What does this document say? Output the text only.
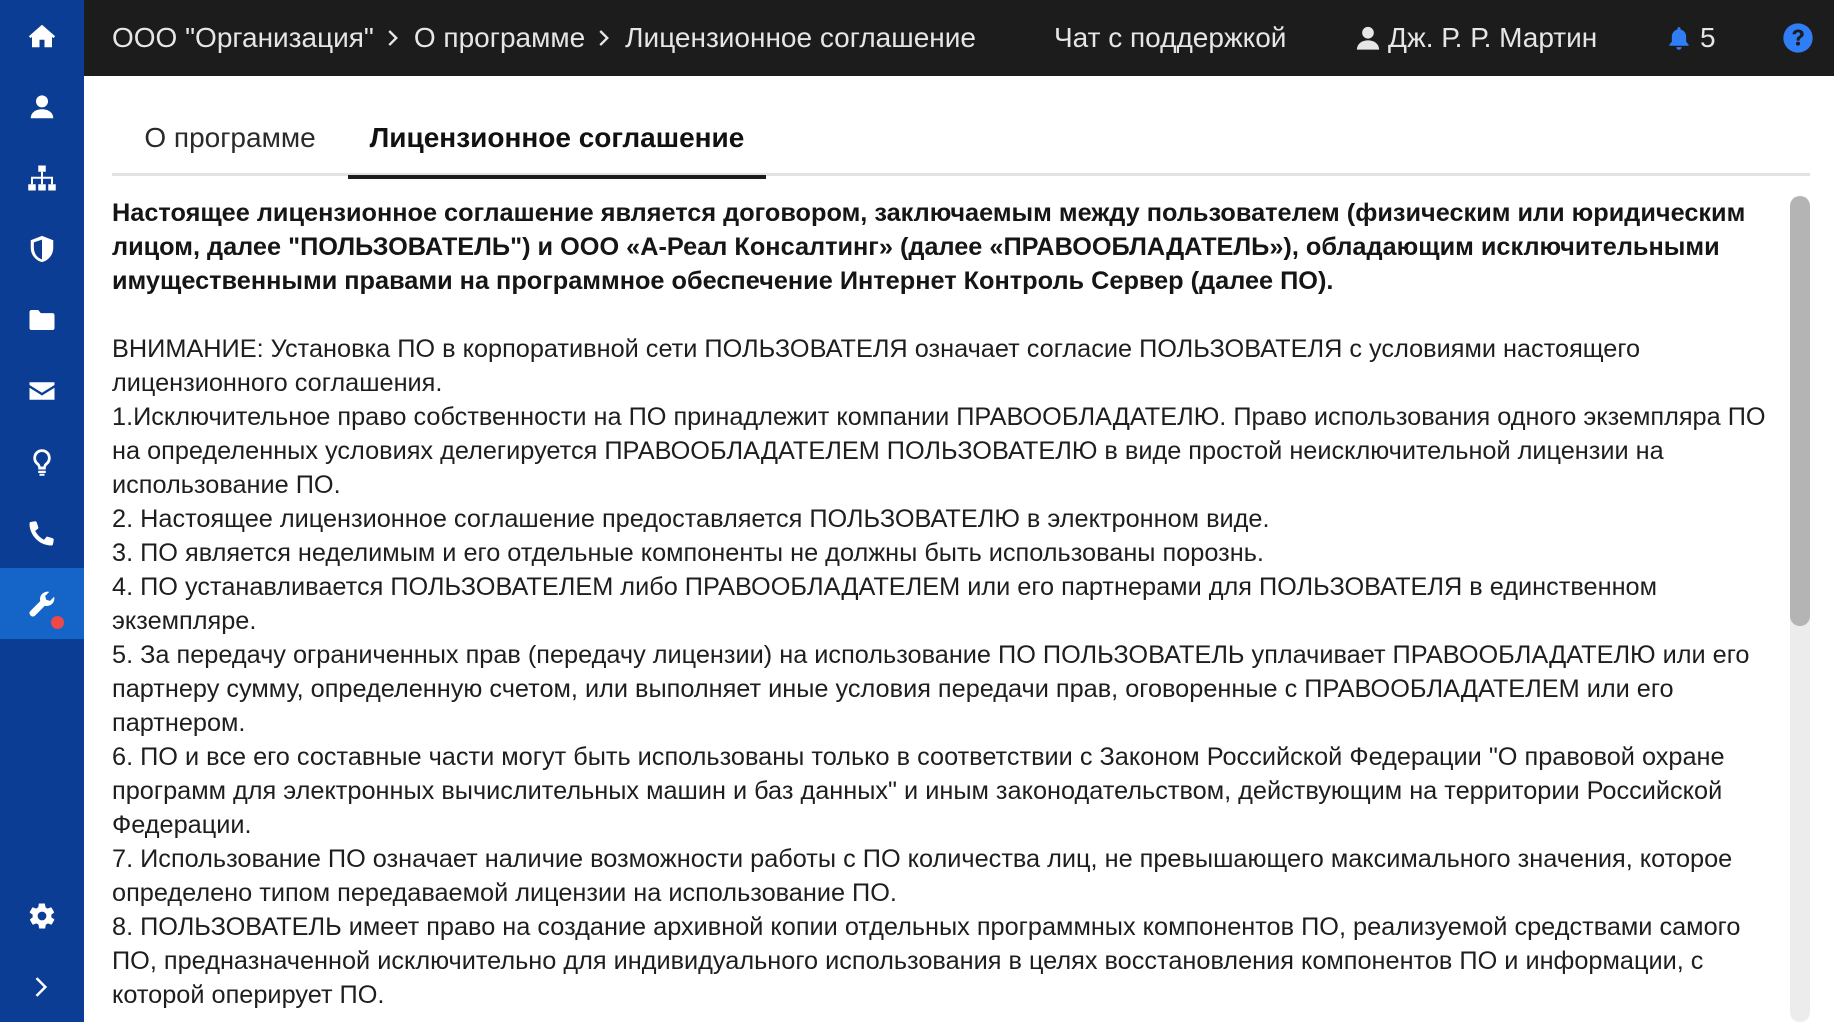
ООО "Организация" О программе Лицензионное соглашение	Чат с поддержкой	Дж. Р. Р. Мартин	5
О программе	Лицензионное соглашение

Настоящее лицензионное соглашение является договором, заключаемым между пользователем (физическим или юридическим лицом, далее "ПОЛЬЗОВАТЕЛЬ") и ООО «А-Реал Консалтинг» (далее «ПРАВООБЛАДАТЕЛЬ»), обладающим исключительными имущественными правами на программное обеспечение Интернет Контроль Сервер (далее ПО).

ВНИМАНИЕ: Установка ПО в корпоративной сети ПОЛЬЗОВАТЕЛЯ означает согласие ПОЛЬЗОВАТЕЛЯ с условиями настоящего лицензионного соглашения.

1.Исключительное право собственности на ПО принадлежит компании ПРАВООБЛАДАТЕЛЮ. Право использования одного экземпляра ПО на определенных условиях делегируется ПРАВООБЛАДАТЕЛЕМ ПОЛЬЗОВАТЕЛЮ в виде простой неисключительной лицензии на использование ПО.

2. Настоящее лицензионное соглашение предоставляется ПОЛЬЗОВАТЕЛЮ в электронном виде.

3. ПО является неделимым и его отдельные компоненты не должны быть использованы порознь.

4. ПО устанавливается ПОЛЬЗОВАТЕЛЕМ либо ПРАВООБЛАДАТЕЛЕМ или его партнерами для ПОЛЬЗОВАТЕЛЯ в единственном экземпляре.

5. За передачу ограниченных прав (передачу лицензии) на использование ПО ПОЛЬЗОВАТЕЛЬ уплачивает ПРАВООБЛАДАТЕЛЮ или его партнеру сумму, определенную счетом, или выполняет иные условия передачи прав, оговоренные с ПРАВООБЛАДАТЕЛЕМ или его партнером.

6. ПО и все его составные части могут быть использованы только в соответствии с Законом Российской Федерации "О правовой охране программ для электронных вычислительных машин и баз данных" и иным законодательством, действующим на территории Российской Федерации.

7. Использование ПО означает наличие возможности работы с ПО количества лиц, не превышающего максимального значения, которое определено типом передаваемой лицензии на использование ПО.

8. ПОЛЬЗОВАТЕЛЬ имеет право на создание архивной копии отдельных программных компонентов ПО, реализуемой средствами самого ПО, предназначенной исключительно для индивидуального использования в целях восстановления компонентов ПО и информации, с которой оперирует ПО.
